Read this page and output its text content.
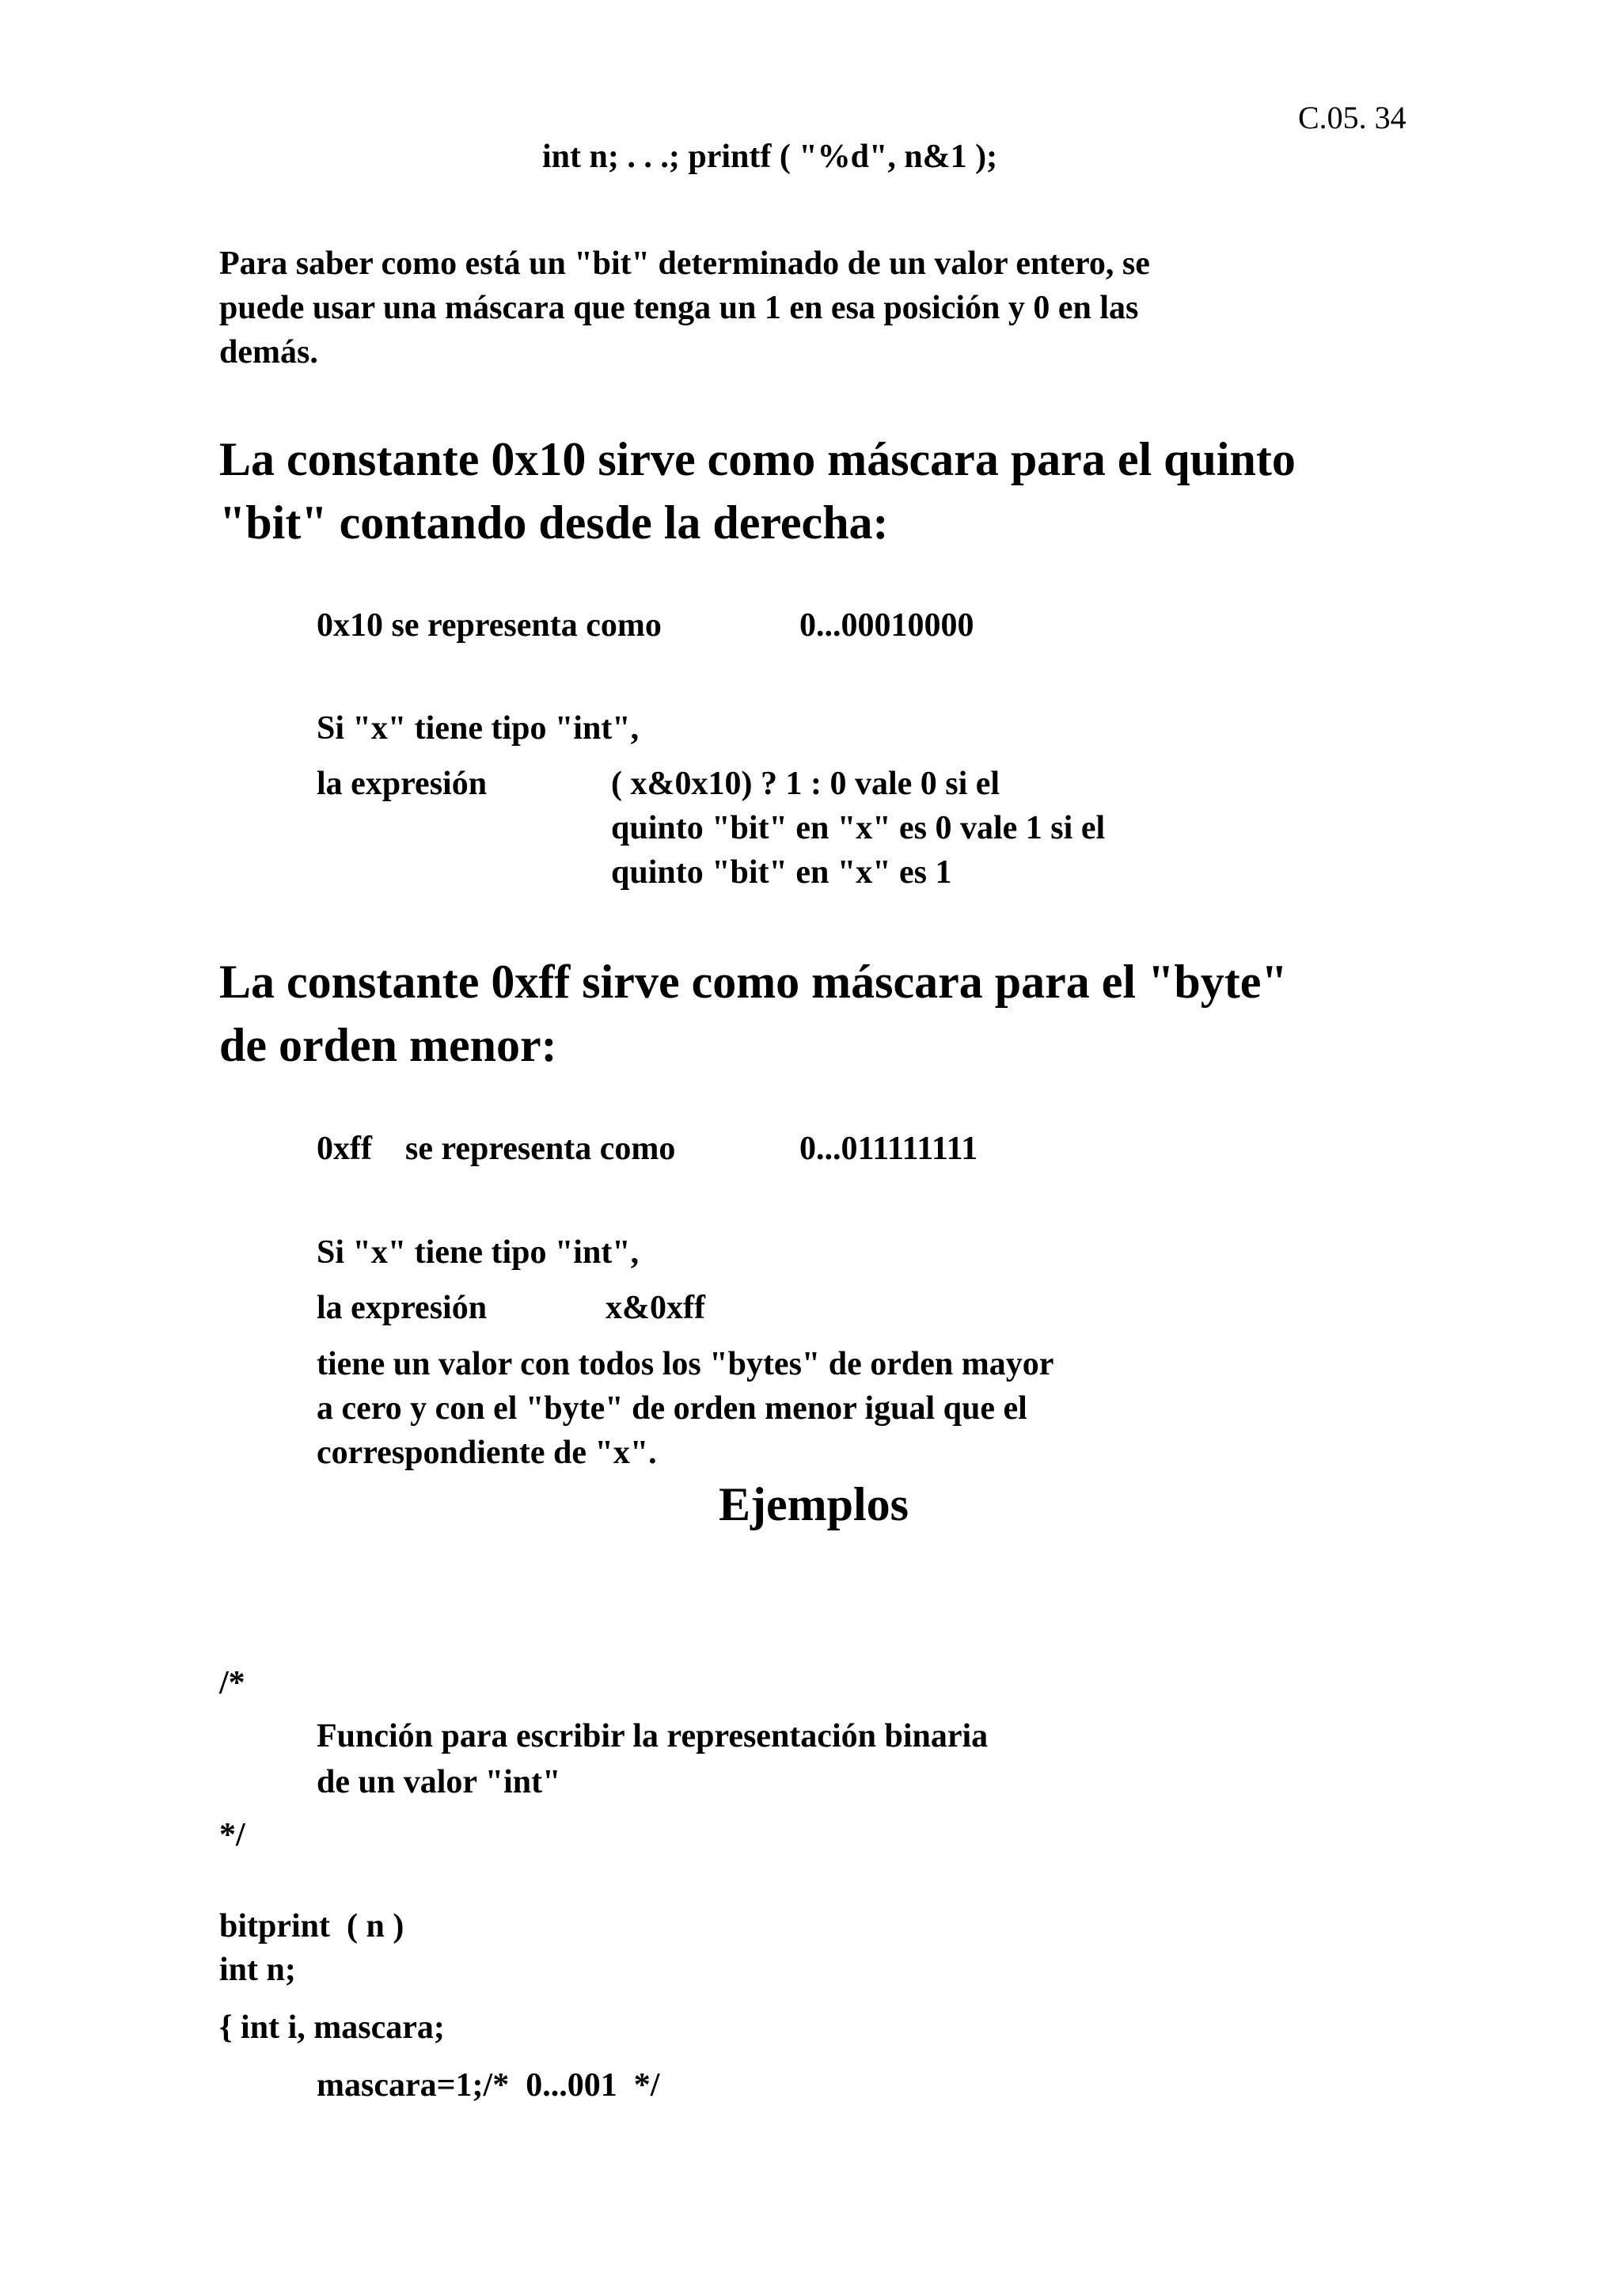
C.05. 34
int n; . . .; printf ( "%d", n&1 );
Para saber como está un "bit" determinado de un valor entero, se
puede usar una máscara que tenga un 1 en esa posición y 0 en las
demás.
La constante 0x10 sirve como máscara para el quinto
"bit" contando desde la derecha:
0x10 se representa como	0...00010000
Si "x" tiene tipo "int",
la expresión	( x&0x10) ? 1 : 0 vale 0 si el
quinto "bit" en "x" es 0 vale 1 si el
quinto "bit" en "x" es 1
La constante 0xff sirve como máscara para el "byte"
de orden menor:
0xff    se representa como	0...011111111
Si "x" tiene tipo "int",
la expresión	x&0xff
tiene un valor con todos los "bytes" de orden mayor
a cero y con el "byte" de orden menor igual que el
correspondiente de "x".
Ejemplos
/*
Función para escribir la representación binaria
de un valor "int"
*/
bitprint  ( n )
int n;
{ int i, mascara;
mascara=1;/*  0...001  */
